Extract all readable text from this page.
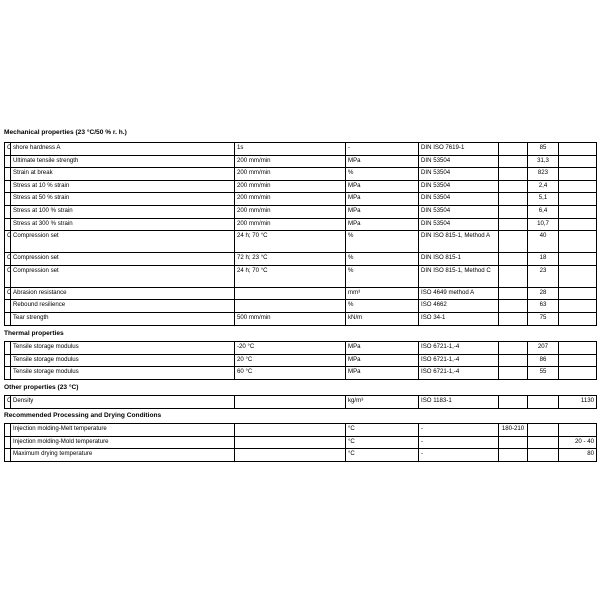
Mechanical properties (23 °C/50 % r. h.)
C	shore hardness A	1s	-	DIN ISO 7619-1		85	
	Ultimate tensile strength	200 mm/min	MPa	DIN 53504		31,3	
	Strain at break	200 mm/min	%	DIN 53504		823	
	Stress at 10 % strain	200 mm/min	MPa	DIN 53504		2,4	
	Stress at 50 % strain	200 mm/min	MPa	DIN 53504		5,1	
	Stress at 100 % strain	200 mm/min	MPa	DIN 53504		6,4	
	Stress at 300 % strain	200 mm/min	MPa	DIN 53504		10,7	
C	Compression set	24 h; 70 °C	%	DIN ISO 815-1, Method A		40	
C	Compression set	72 h; 23 °C	%	DIN ISO 815-1		18	
C	Compression set	24 h; 70 °C	%	DIN ISO 815-1, Method C		23	
C	Abrasion resistance		mm³	ISO 4649 method A		28	
	Rebound resilience		%	ISO 4662		63	
	Tear strength	500 mm/min	kN/m	ISO 34-1		75	
Thermal properties
	Tensile storage modulus	-20 °C	MPa	ISO 6721-1,-4		207	
	Tensile storage modulus	20 °C	MPa	ISO 6721-1,-4		86	
	Tensile storage modulus	60 °C	MPa	ISO 6721-1,-4		55	
Other properties (23 °C)
C	Density		kg/m³	ISO 1183-1			1130
Recommended Processing and Drying Conditions
	Injection molding-Melt temperature		°C	-	180-210		
	Injection molding-Mold temperature		°C	-			20 - 40
	Maximum drying temperature		°C	-			80
